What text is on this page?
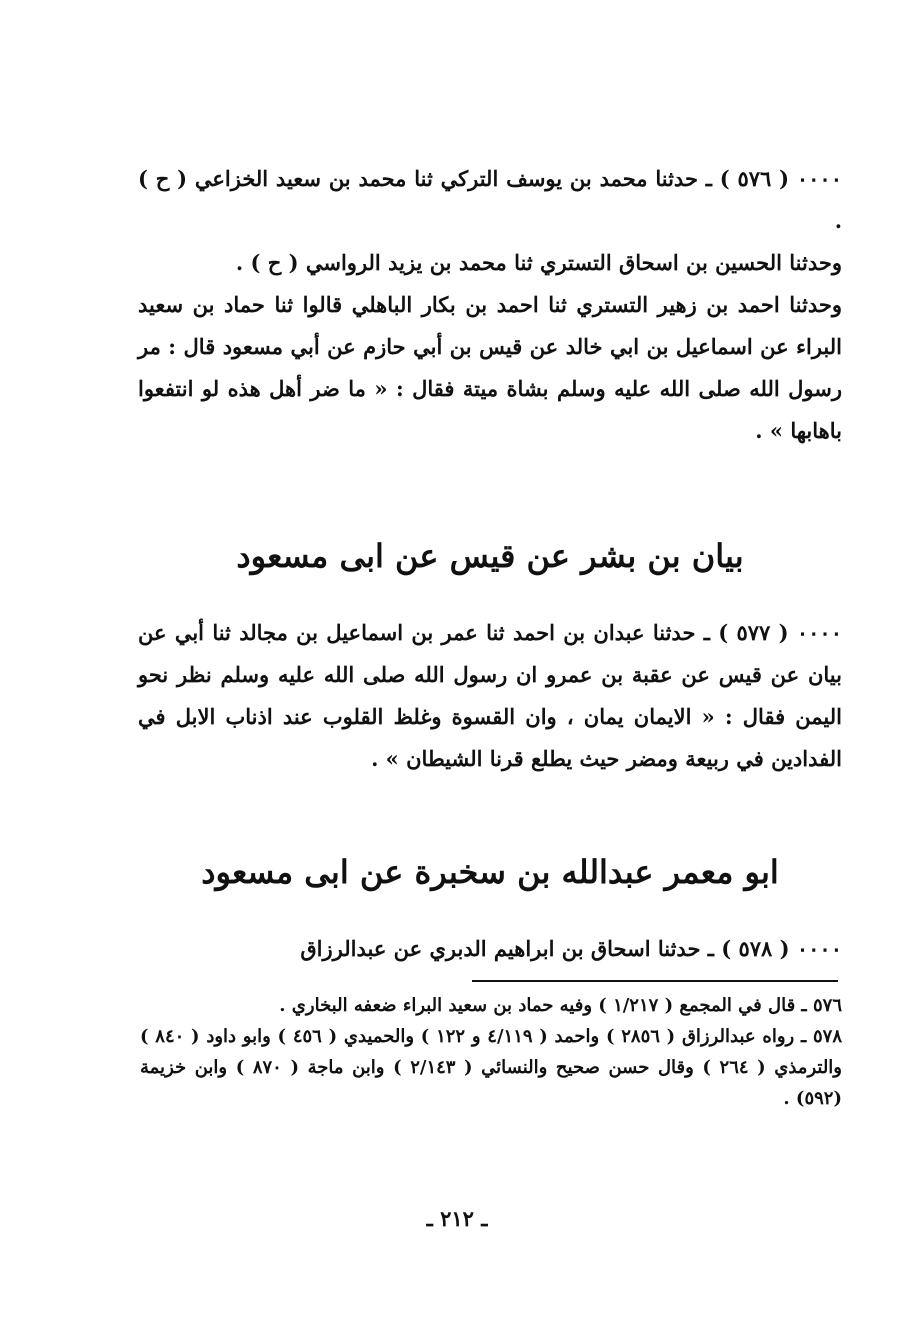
٠٠٠٠ ( ٥٧٦ ) ـ حدثنا محمد بن يوسف التركي ثنا محمد بن سعيد الخزاعي ( ح ) .

وحدثنا الحسين بن اسحاق التستري ثنا محمد بن يزيد الرواسي ( ح ) .

وحدثنا احمد بن زهير التستري ثنا احمد بن بكار الباهلي قالوا ثنا حماد بن سعيد البراء عن اسماعيل بن ابي خالد عن قيس بن أبي حازم عن أبي مسعود قال : مر رسول الله صلى الله عليه وسلم بشاة ميتة فقال : « ما ضر أهل هذه لو انتفعوا باهابها » .

بيان بن بشر عن قيس عن ابى مسعود

٠٠٠٠ ( ٥٧٧ ) ـ حدثنا عبدان بن احمد ثنا عمر بن اسماعيل بن مجالد ثنا أبي عن بيان عن قيس عن عقبة بن عمرو ان رسول الله صلى الله عليه وسلم نظر نحو اليمن فقال : « الايمان يمان ، وان القسوة وغلظ القلوب عند اذناب الابل في الفدادين في ربيعة ومضر حيث يطلع قرنا الشيطان » .

ابو معمر عبدالله بن سخبرة عن ابى مسعود

٠٠٠٠ ( ٥٧٨ ) ـ حدثنا اسحاق بن ابراهيم الدبري عن عبدالرزاق

٥٧٦ ـ قال في المجمع ( ١/٢١٧ ) وفيه حماد بن سعيد البراء ضعفه البخاري .

٥٧٨ ـ رواه عبدالرزاق ( ٢٨٥٦ ) واحمد ( ٤/١١٩ و ١٢٢ ) والحميدي ( ٤٥٦ ) وابو داود ( ٨٤٠ ) والترمذي ( ٢٦٤ ) وقال حسن صحيح والنسائي ( ٢/١٤٣ ) وابن ماجة ( ٨٧٠ ) وابن خزيمة (٥٩٢) .

ـ ٢١٢ ـ
